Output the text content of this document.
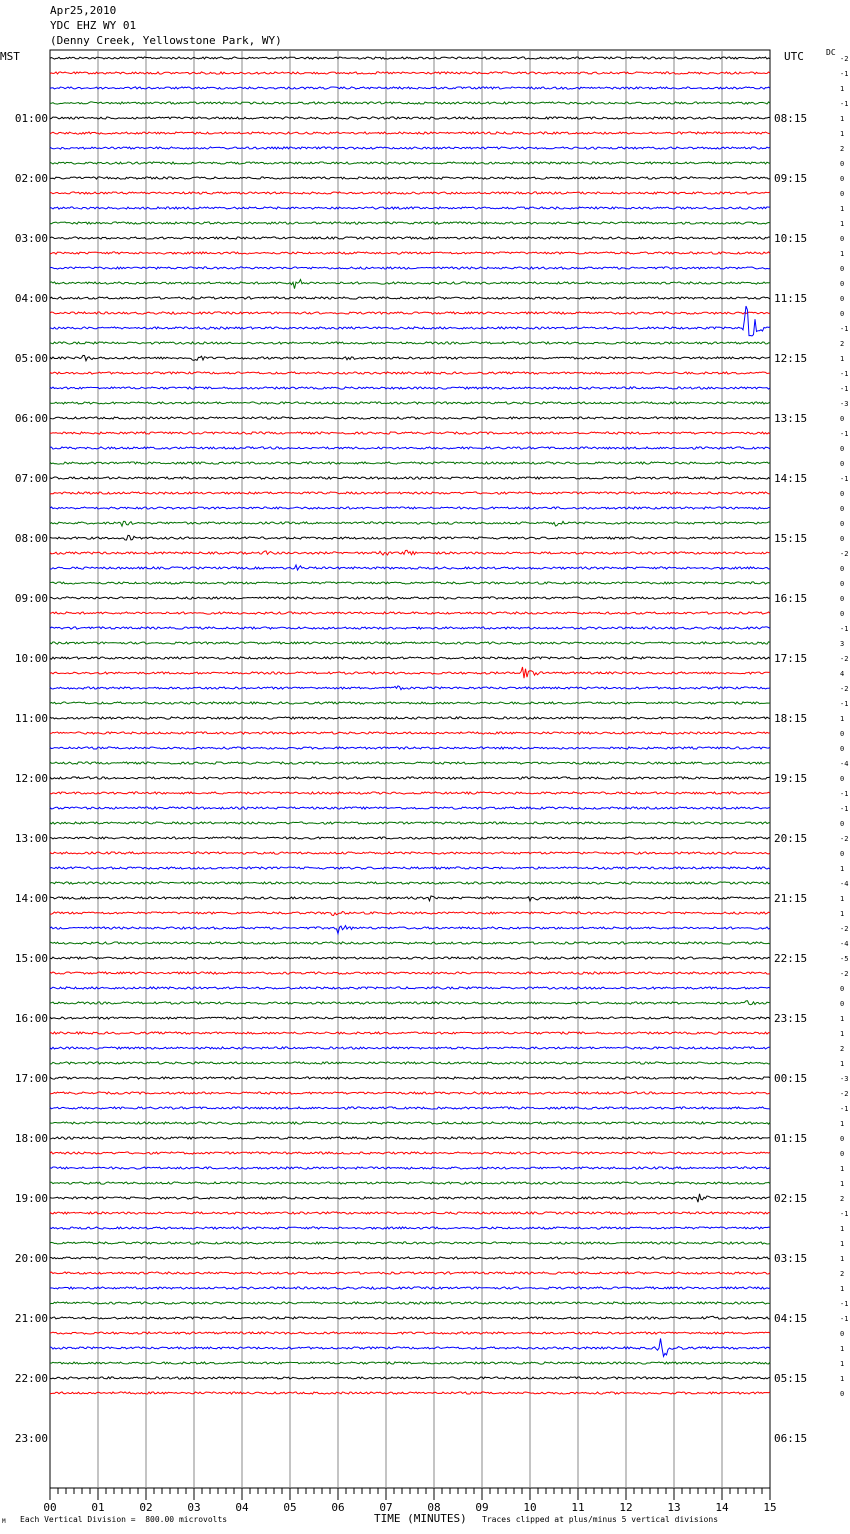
Apr25,2010
YDC EHZ WY 01
(Denny Creek, Yellowstone Park, WY)
MST	UTC	DC
-2
-1
1
-1
1
1
2
0
0
0
1
1
0
1
0
0
0
0
-1
2
1
-1
-1
-3
0
-1
0
0
-1
0
0
0
0
-2
0
0
0
0
-1
3
-2
4
-2
-1
1
0
0
-4
0
-1
-1
0
-2
0
1
-4
1
1
-2
-4
-5
-2
0
0
1
1
2
1
-3
-2
-1
1
0
0
1
1
2
-1
1
1
1
2
1
-1
-1
0
1
1
1
0
01:00	08:15
02:00	09:15
03:00	10:15
04:00	11:15
05:00	12:15
06:00	13:15
07:00	14:15
08:00	15:15
09:00	16:15
10:00	17:15
11:00	18:15
12:00	19:15
13:00	20:15
14:00	21:15
15:00	22:15
16:00	23:15
17:00	00:15
18:00	01:15
19:00	02:15
20:00	03:15
21:00	04:15
22:00	05:15
23:00	06:15
00	01	02	03	04	05	06	07	08	09	10	11	12	13	14	15
M Each Vertical Division =  800.00 microvolts	TIME (MINUTES) Traces clipped at plus/minus 5 vertical divisions
